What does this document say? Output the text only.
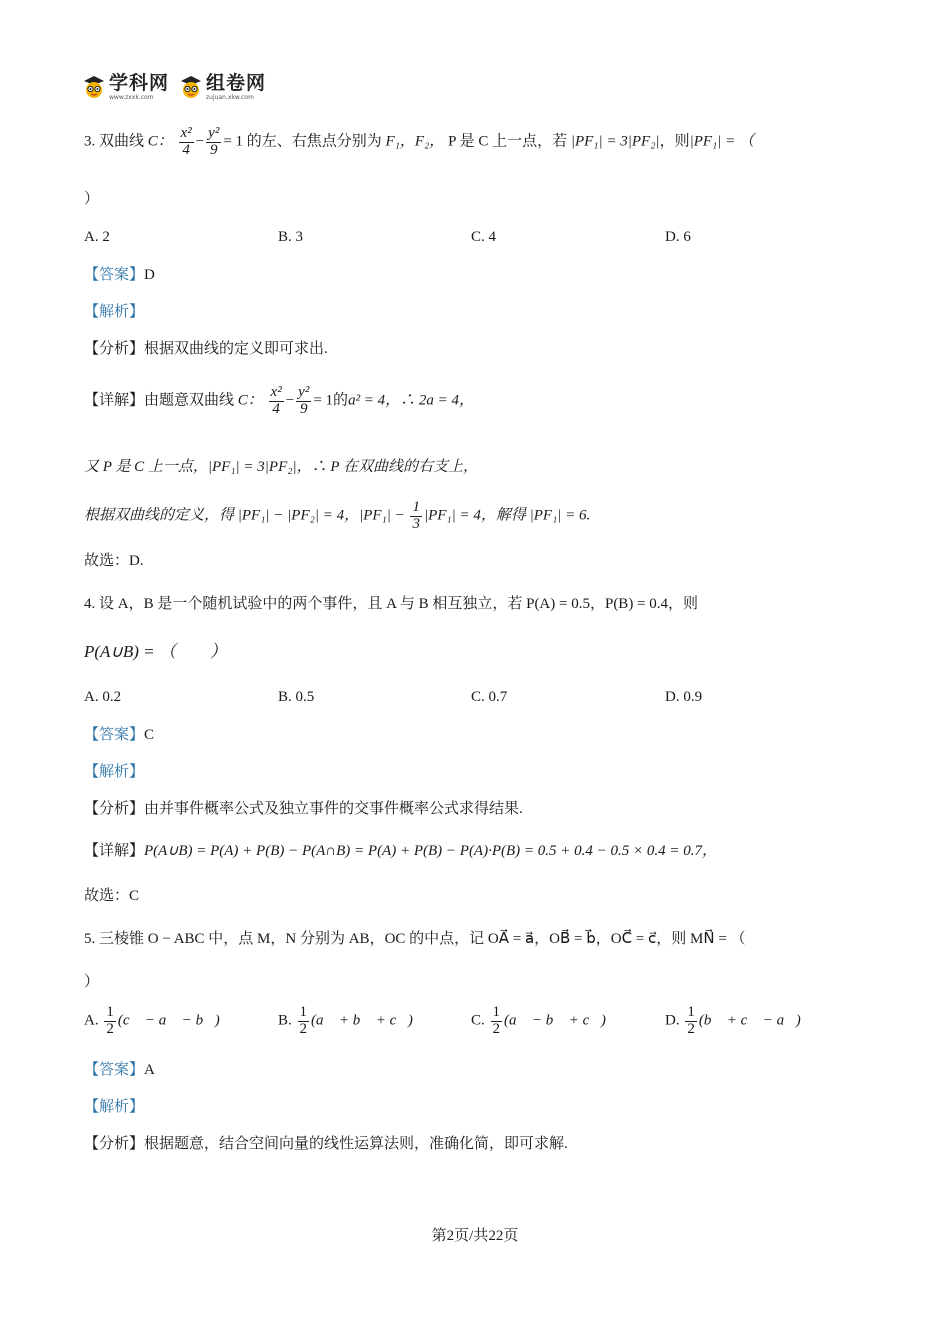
学科网
www.zxxk.com
组卷网
zujuan.xkw.com
3. 双曲线 C： $\frac{\text{x²}}{4} - \frac{\text{y²}}{9} = 1$ 的左、右焦点分别为 F₁，F₂， P 是 C 上一点，若 |PF₁| = 3|PF₂|，则|PF₁| = （
）
A. 2	B. 3	C. 4	D. 6
【答案】D
【解析】
【分析】根据双曲线的定义即可求出.
【详解】由题意双曲线 C： $\frac{\text{x²}}{4} - \frac{\text{y²}}{9} = 1$的a² = 4，∴ 2a = 4，
又 P 是 C 上一点，|PF₁| = 3|PF₂|，∴ P 在双曲线的右支上，
根据双曲线的定义，得 |PF₁| − |PF₂| = 4，$|PF_1| - \frac{1}{3} |PF_1| = 4$，解得 |PF₁| = 6.
故选：D.
4. 设 A，B 是一个随机试验中的两个事件，且 A 与 B 相互独立，若 P(A) = 0.5，P(B) = 0.4，则
P(A∪B) = （　　）
A. 0.2	B. 0.5	C. 0.7	D. 0.9
【答案】C
【解析】
【分析】由并事件概率公式及独立事件的交事件概率公式求得结果.
【详解】P(A∪B) = P(A) + P(B) − P(A∩B) = P(A) + P(B) − P(A)·P(B) = 0.5 + 0.4 − 0.5 × 0.4 = 0.7，
故选：C
5. 三棱锥 O − ABC 中，点 M，N 分别为 AB，OC 的中点，记 OA⃗ = a⃗，OB⃗ = b⃗，OC⃗ = c⃗，则 MN⃗ = （
）
A. $\frac{1}{2}$ (c⃗ − a⃗ − b⃗)	B. $\frac{1}{2}$ (a⃗ + b⃗ + c⃗)	C. $\frac{1}{2}$ (a⃗ − b⃗ + c⃗)	D. $\frac{1}{2}$ (b⃗ + c⃗ − a⃗)
【答案】A
【解析】
【分析】根据题意，结合空间向量的线性运算法则，准确化简，即可求解.
第2页/共22页
